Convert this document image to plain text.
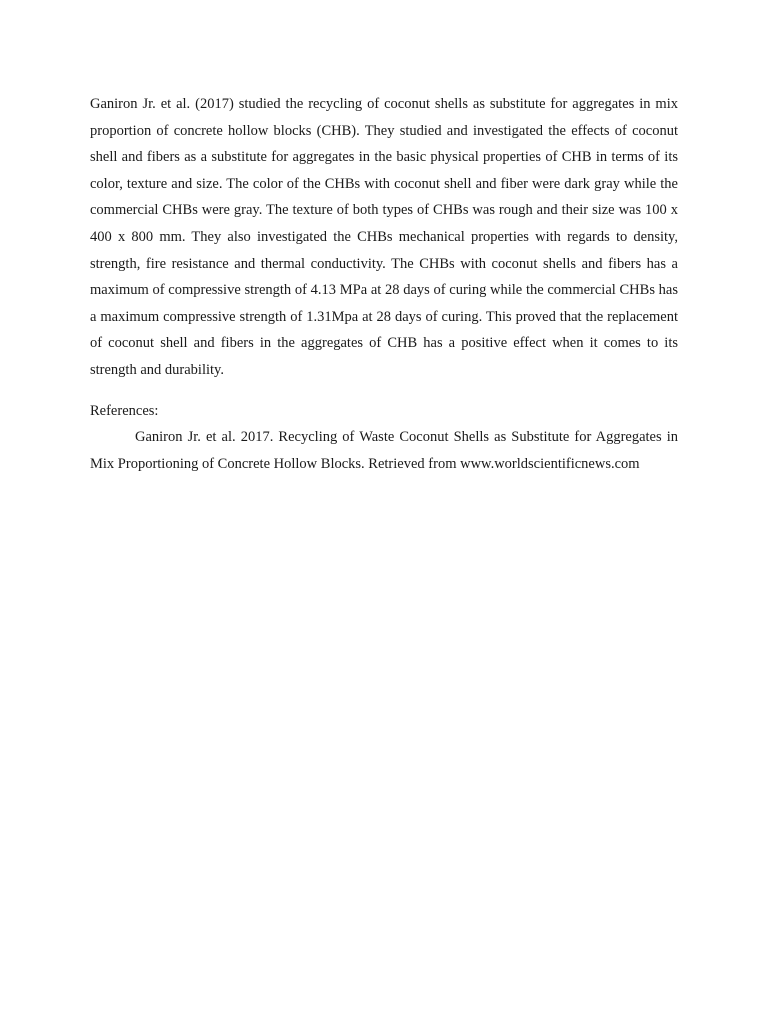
Ganiron Jr. et al. (2017) studied the recycling of coconut shells as substitute for aggregates in mix proportion of concrete hollow blocks (CHB). They studied and investigated the effects of coconut shell and fibers as a substitute for aggregates in the basic physical properties of CHB in terms of its color, texture and size. The color of the CHBs with coconut shell and fiber were dark gray while the commercial CHBs were gray. The texture of both types of CHBs was rough and their size was 100 x 400 x 800 mm. They also investigated the CHBs mechanical properties with regards to density, strength, fire resistance and thermal conductivity. The CHBs with coconut shells and fibers has a maximum of compressive strength of 4.13 MPa at 28 days of curing while the commercial CHBs has a maximum compressive strength of 1.31Mpa at 28 days of curing. This proved that the replacement of coconut shell and fibers in the aggregates of CHB has a positive effect when it comes to its strength and durability.

References:

Ganiron Jr. et al. 2017. Recycling of Waste Coconut Shells as Substitute for Aggregates in Mix Proportioning of Concrete Hollow Blocks. Retrieved from www.worldscientificnews.com
